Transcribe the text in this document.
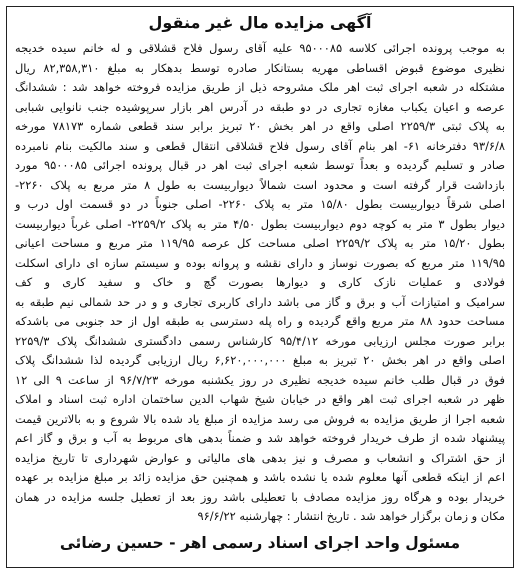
آگهی مزایده مال غیر منقول
به موجب پرونده اجرائی کلاسه ۹۵۰۰۰۸۵ علیه آقای رسول فلاح قشلاقی و له خانم سیده خدیجه
نظیری موضوع قبوض اقساطی مهریه بستانکار صادره توسط بدهکار به مبلغ ۸۲,۳۵۸,۳۱۰ ریال
مشتکله در شعبه اجرای ثبت اهر ملک مشروحه ذیل از طریق مزایده فروخته خواهد شد : ششدانگ
عرصه و اعیان یکباب مغازه تجاری در دو طبقه در آدرس اهر بازار سرپوشیده جنب نانوایی شبابی
به پلاک ثبتی ۲۲۵۹/۳ اصلی واقع در اهر بخش ۲۰ تبریز برابر سند قطعی شماره ۷۸۱۷۳ مورخه
۹۳/۶/۸ دفترخانه ۶۱- اهر بنام آقای رسول فلاح قشلاقی انتقال قطعی و سند مالکیت بنام نامبرده
صادر و تسلیم گردیده و بعداً توسط شعبه اجرای ثبت اهر در قبال پرونده اجرائی ۹۵۰۰۰۸۵ مورد
بازداشت قرار گرفته است و محدود است شمالاً دیواربیست به طول ۸ متر مربع به پلاک ۲۲۶۰-
اصلی شرقاً دیواربیست بطول ۱۵/۸۰ متر به پلاک ۲۲۶۰- اصلی جنوباً در دو قسمت اول درب و
دیوار بطول ۳ متر به کوچه دوم دیواربیست بطول ۴/۵۰ متر به پلاک ۲۲۵۹/۲- اصلی غرباً دیواربیست
بطول ۱۵/۲۰ متر به پلاک ۲۲۵۹/۲ اصلی مساحت کل عرصه ۱۱۹/۹۵ متر مربع و مساحت اعیانی
۱۱۹/۹۵ متر مربع که بصورت نوساز و دارای نقشه و پروانه بوده و سیستم سازه ای دارای اسکلت
فولادی و عملیات نازک کاری و دیوارها بصورت گچ و خاک و سفید کاری و کف
سرامیک و امتیازات آب و برق و گاز می باشد دارای کاربری تجاری و و در حد شمالی نیم طبقه به
مساحت حدود ۸۸ متر مربع واقع گردیده و راه پله دسترسی به طبقه اول از حد جنوبی می باشدکه
برابر صورت مجلس ارزیابی مورخه ۹۵/۴/۱۲ کارشناس رسمی دادگستری ششدانگ پلاک ۲۲۵۹/۳
اصلی واقع در اهر بخش ۲۰ تبریز به مبلغ ۶,۶۲۰,۰۰۰,۰۰۰ ریال ارزیابی گردیده لذا ششدانگ پلاک
فوق در قبال طلب خانم سیده خدیجه نظیری در روز یکشنبه مورخه ۹۶/۷/۲۳ از ساعت ۹ الی ۱۲
ظهر در شعبه اجرای ثبت اهر واقع در خیابان شیخ شهاب الدین ساختمان اداره ثبت اسناد و املاک
شعبه اجرا از طریق مزایده به فروش می رسد مزایده از مبلغ یاد شده بالا شروع و به بالاترین قیمت
پیشنهاد شده از طرف خریدار فروخته خواهد شد و ضمناً بدهی های مربوط به آب و برق و گاز اعم
از حق اشتراک و انشعاب و مصرف و نیز بدهی های مالیاتی و عوارض شهرداری تا تاریخ مزایده
اعم از اینکه قطعی آنها معلوم شده یا نشده باشد و همچنین حق مزایده زائد بر مبلغ مزایده بر عهده
خریدار بوده و هرگاه روز مزایده مصادف با تعطیلی باشد روز بعد از تعطیل جلسه مزایده در همان
مکان و زمان برگزار خواهد شد . تاریخ انتشار : چهارشنبه ۹۶/۶/۲۲
مسئول واحد اجرای اسناد رسمی اهر - حسین رضائی
